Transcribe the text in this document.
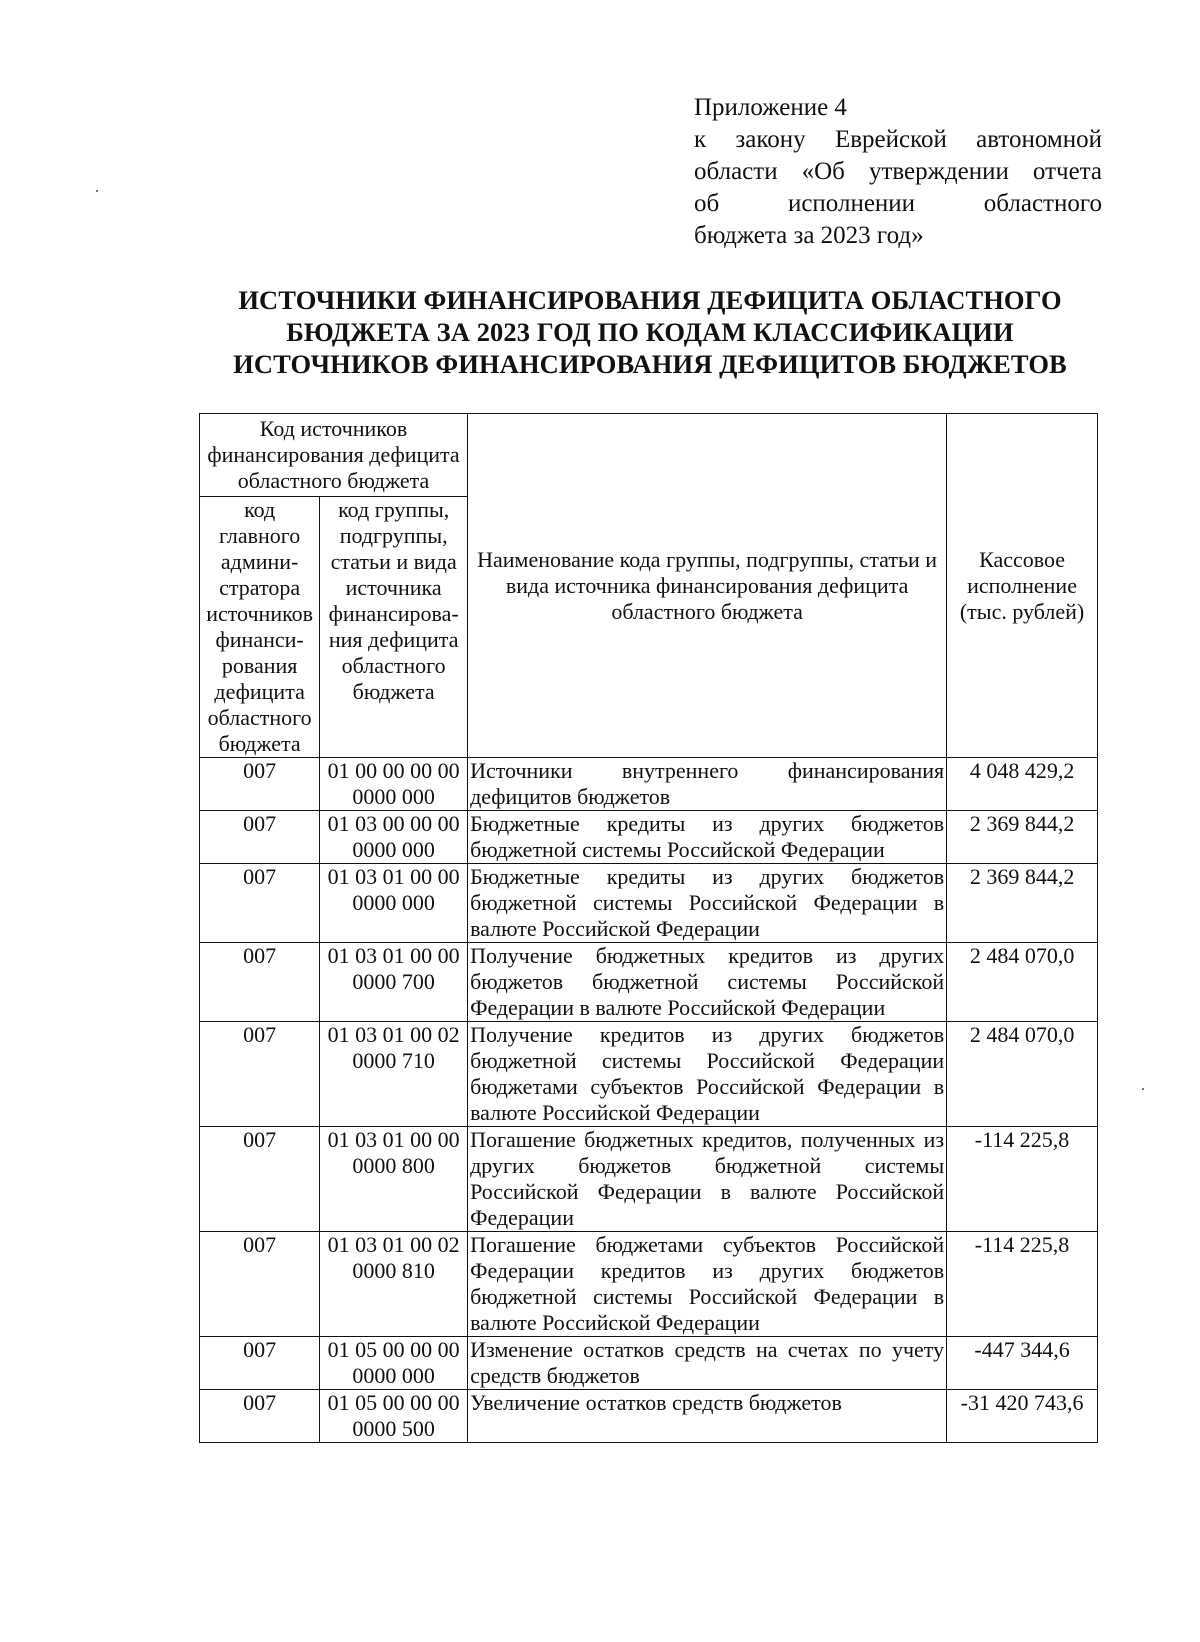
Приложение 4
к закону Еврейской автономной
области «Об утверждении отчета
об исполнении областного
бюджета за 2023 год»
ИСТОЧНИКИ ФИНАНСИРОВАНИЯ ДЕФИЦИТА ОБЛАСТНОГО
БЮДЖЕТА ЗА 2023 ГОД ПО КОДАМ КЛАССИФИКАЦИИ
ИСТОЧНИКОВ ФИНАНСИРОВАНИЯ ДЕФИЦИТОВ БЮДЖЕТОВ
Код источников финансирования дефицита областного бюджета		Наименование кода группы, подгруппы, статьи и вида источника финансирования дефицита областного бюджета	Кассовое исполнение (тыс. рублей)
код главного админи-стратора источников финанси-рования дефицита областного бюджета	код группы, подгруппы, статьи и вида источника финансирова-ния дефицита областного бюджета		
007	01 00 00 00 00 0000 000	Источники внутреннего финансирования дефицитов бюджетов	4 048 429,2
007	01 03 00 00 00 0000 000	Бюджетные кредиты из других бюджетов бюджетной системы Российской Федерации	2 369 844,2
007	01 03 01 00 00 0000 000	Бюджетные кредиты из других бюджетов бюджетной системы Российской Федерации в валюте Российской Федерации	2 369 844,2
007	01 03 01 00 00 0000 700	Получение бюджетных кредитов из других бюджетов бюджетной системы Российской Федерации в валюте Российской Федерации	2 484 070,0
007	01 03 01 00 02 0000 710	Получение кредитов из других бюджетов бюджетной системы Российской Федерации бюджетами субъектов Российской Федерации в валюте Российской Федерации	2 484 070,0
007	01 03 01 00 00 0000 800	Погашение бюджетных кредитов, полученных из других бюджетов бюджетной системы Российской Федерации в валюте Российской Федерации	-114 225,8
007	01 03 01 00 02 0000 810	Погашение бюджетами субъектов Российской Федерации кредитов из других бюджетов бюджетной системы Российской Федерации в валюте Российской Федерации	-114 225,8
007	01 05 00 00 00 0000 000	Изменение остатков средств на счетах по учету средств бюджетов	-447 344,6
007	01 05 00 00 00 0000 500	Увеличение остатков средств бюджетов	-31 420 743,6
